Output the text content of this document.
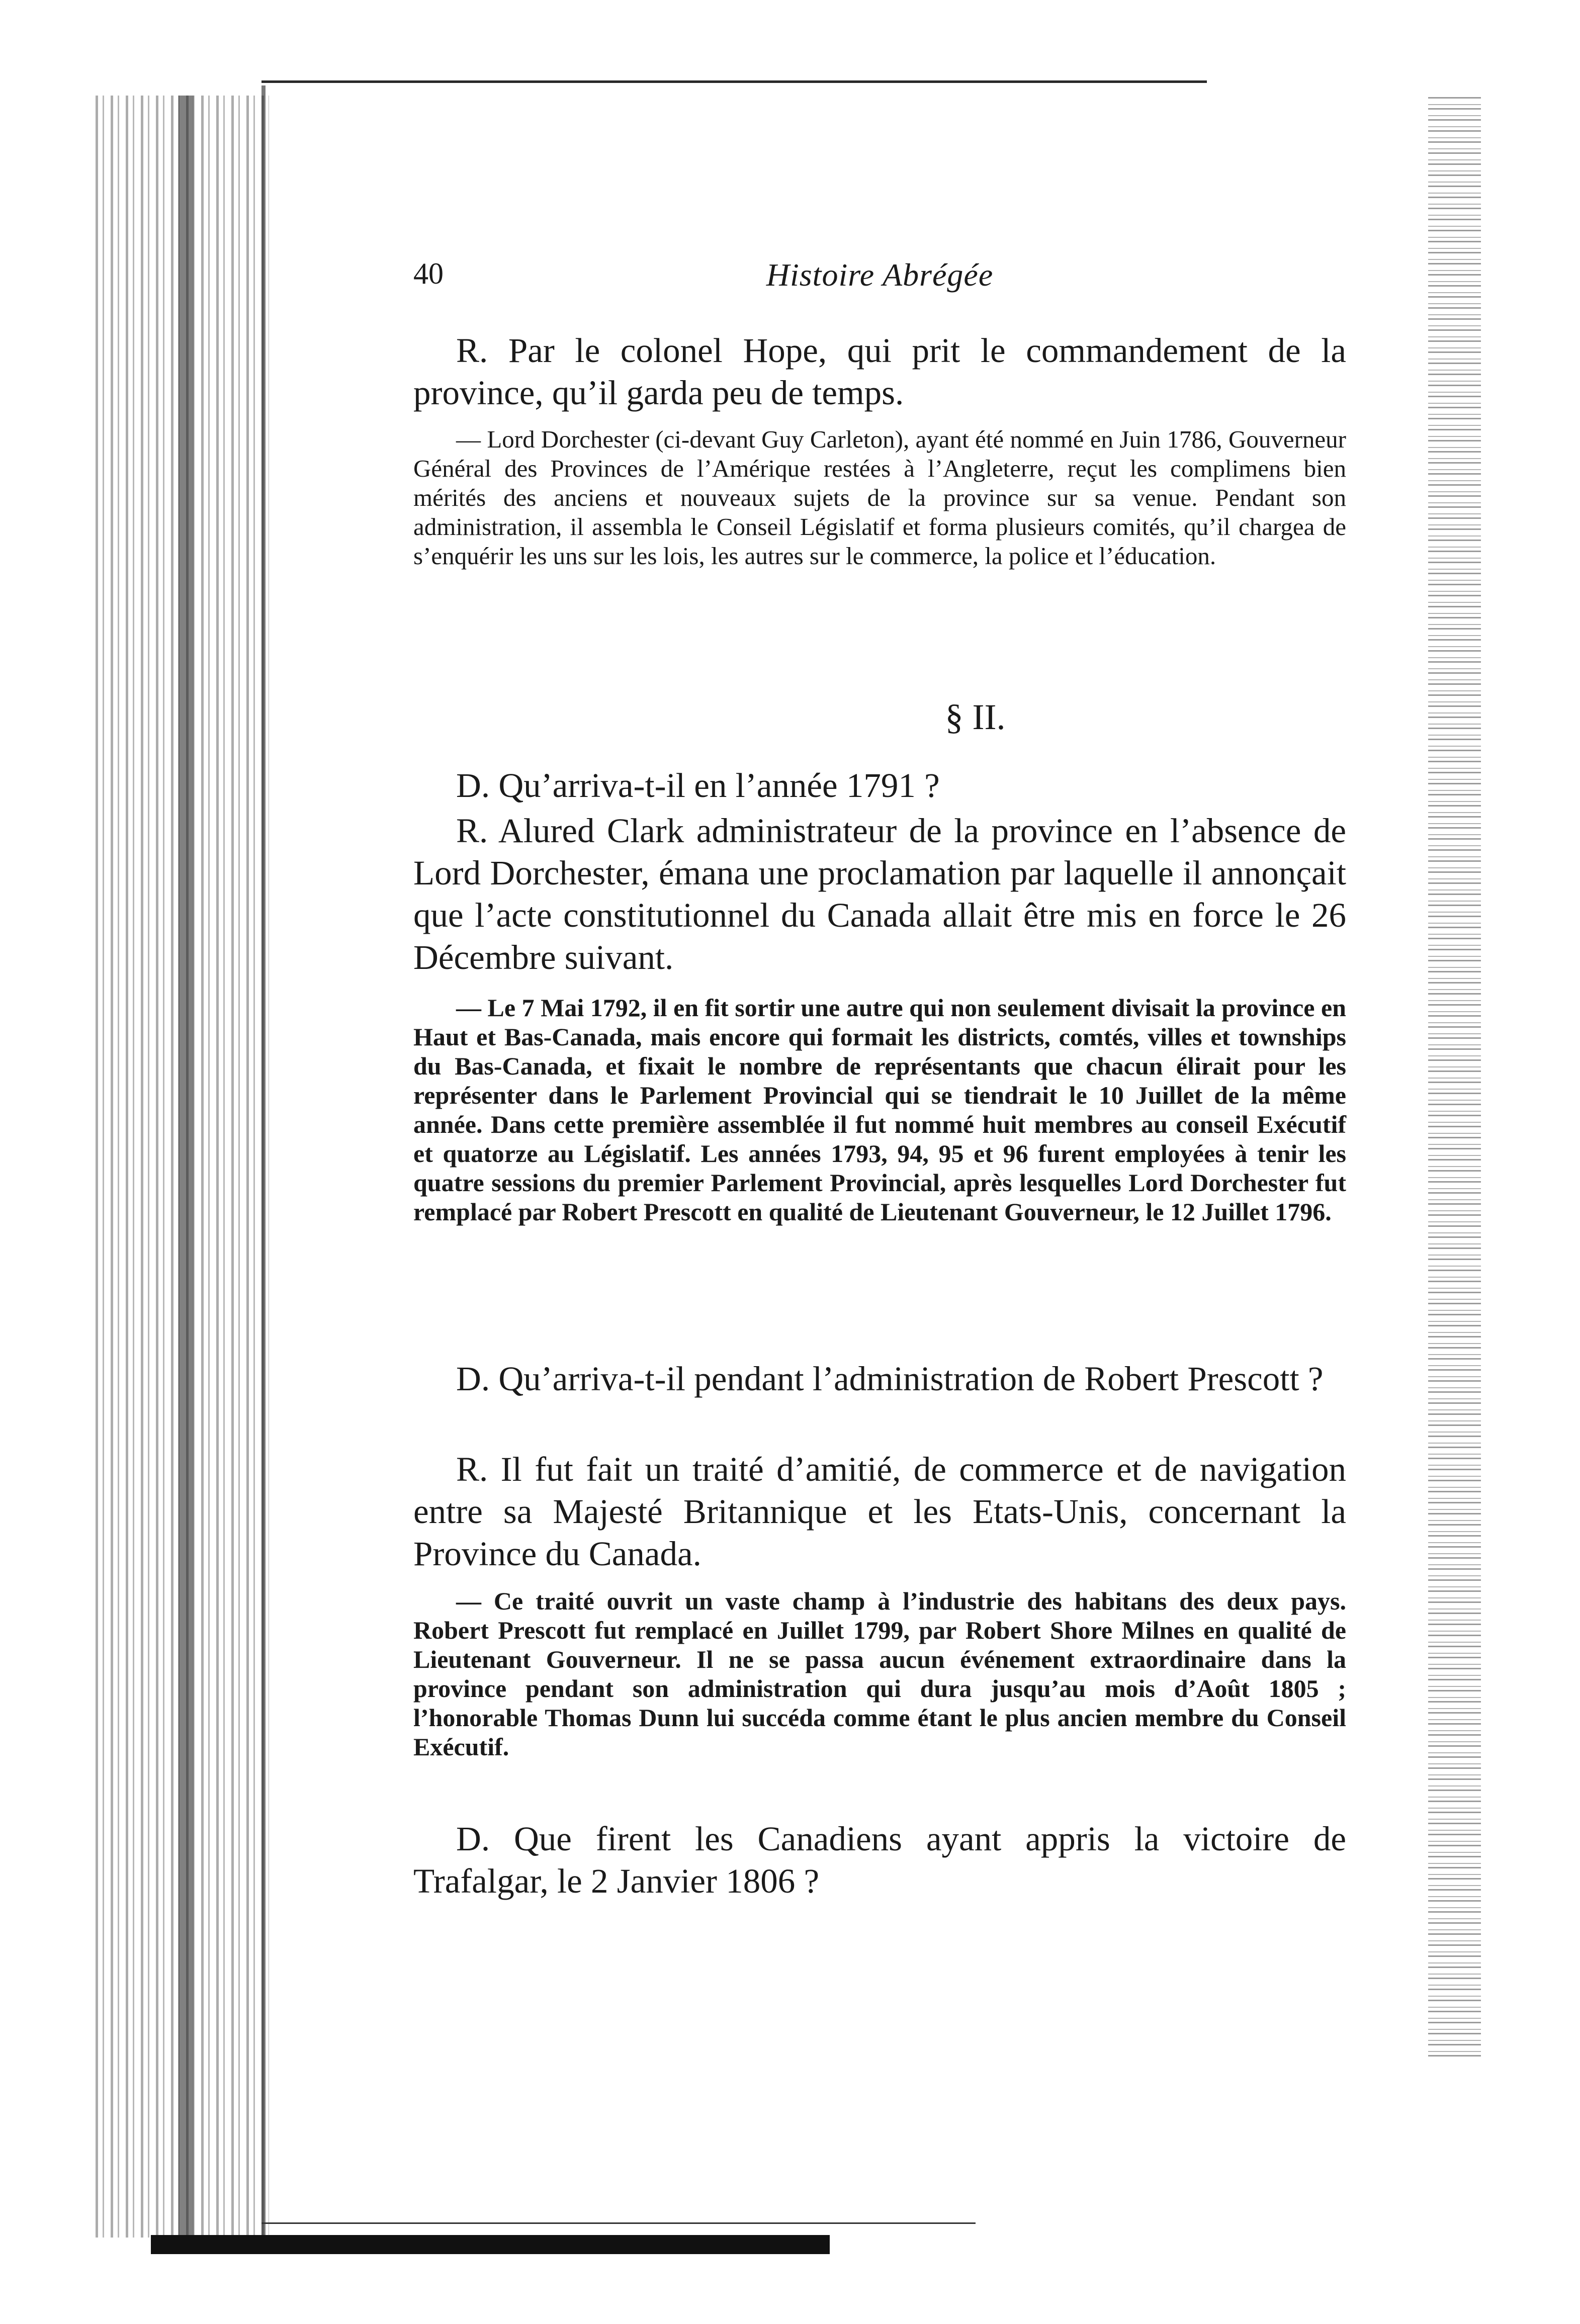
40	Histoire Abrégée

R. Par le colonel Hope, qui prit le commandement de la province, qu’il garda peu de temps.

— Lord Dorchester (ci-devant Guy Carleton), ayant été nommé en Juin 1786, Gouverneur Général des Provinces de l’Amérique restées à l’Angleterre, reçut les complimens bien mérités des anciens et nouveaux sujets de la province sur sa venue. Pendant son administration, il assembla le Conseil Législatif et forma plusieurs comités, qu’il chargea de s’enquérir les uns sur les lois, les autres sur le commerce, la police et l’éducation.

§ II.

D. Qu’arriva-t-il en l’année 1791 ?

R. Alured Clark administrateur de la province en l’absence de Lord Dorchester, émana une proclamation par laquelle il annonçait que l’acte constitutionnel du Canada allait être mis en force le 26 Décembre suivant.

— Le 7 Mai 1792, il en fit sortir une autre qui non seulement divisait la province en Haut et Bas-Canada, mais encore qui formait les districts, comtés, villes et townships du Bas-Canada, et fixait le nombre de représentants que chacun élirait pour les représenter dans le Parlement Provincial qui se tiendrait le 10 Juillet de la même année. Dans cette première assemblée il fut nommé huit membres au conseil Exécutif et quatorze au Législatif. Les années 1793, 94, 95 et 96 furent employées à tenir les quatre sessions du premier Parlement Provincial, après lesquelles Lord Dorchester fut remplacé par Robert Prescott en qualité de Lieutenant Gouverneur, le 12 Juillet 1796.

D. Qu’arriva-t-il pendant l’administration de Robert Prescott ?

R. Il fut fait un traité d’amitié, de commerce et de navigation entre sa Majesté Britannique et les Etats-Unis, concernant la Province du Canada.

— Ce traité ouvrit un vaste champ à l’industrie des habitans des deux pays. Robert Prescott fut remplacé en Juillet 1799, par Robert Shore Milnes en qualité de Lieutenant Gouverneur. Il ne se passa aucun événement extraordinaire dans la province pendant son administration qui dura jusqu’au mois d’Août 1805 ; l’honorable Thomas Dunn lui succéda comme étant le plus ancien membre du Conseil Exécutif.

D. Que firent les Canadiens ayant appris la victoire de Trafalgar, le 2 Janvier 1806 ?
